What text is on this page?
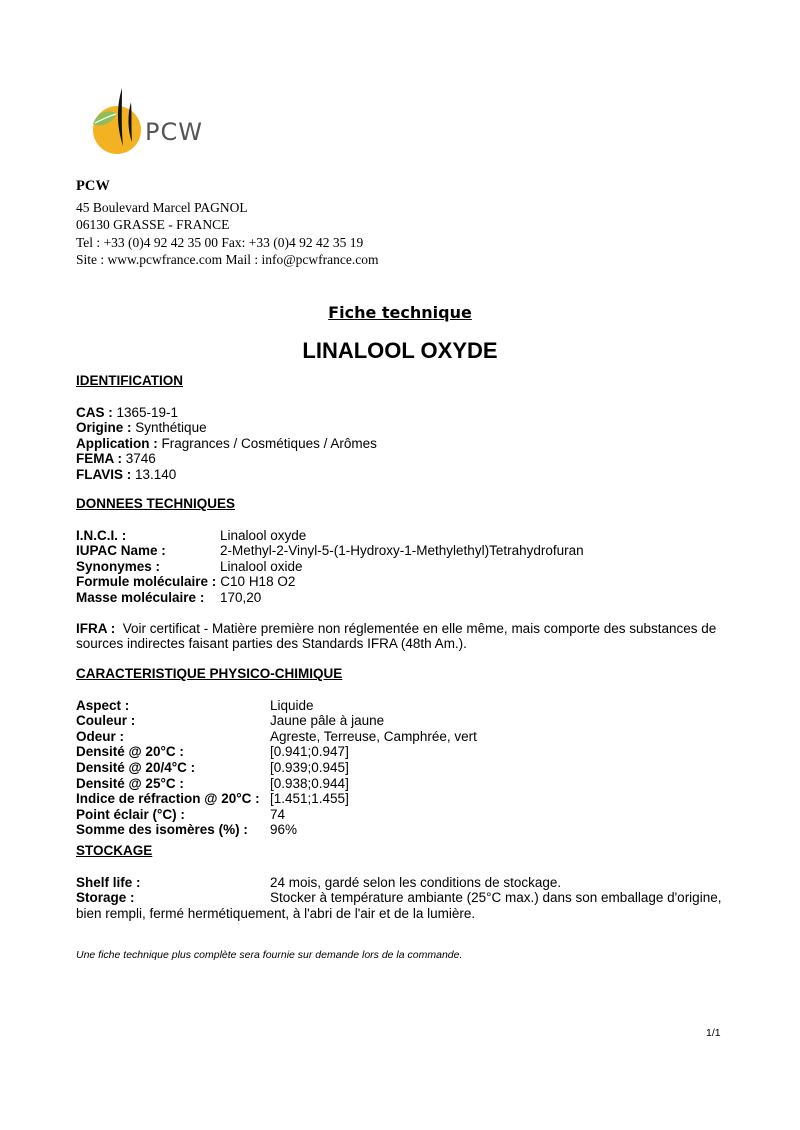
PCW
PCW
45 Boulevard Marcel PAGNOL
06130 GRASSE - FRANCE
Tel : +33 (0)4 92 42 35 00 Fax: +33 (0)4 92 42 35 19
Site : www.pcwfrance.com Mail : info@pcwfrance.com
Fiche technique
LINALOOL OXYDE
IDENTIFICATION
CAS : 1365-19-1
Origine : Synthétique
Application : Fragrances / Cosmétiques / Arômes
FEMA : 3746
FLAVIS : 13.140
DONNEES TECHNIQUES
I.N.C.I. :	Linalool oxyde
IUPAC Name :	2-Methyl-2-Vinyl-5-(1-Hydroxy-1-Methylethyl)Tetrahydrofuran
Synonymes :	Linalool oxide
Formule moléculaire : C10 H18 O2
Masse moléculaire :	170,20
IFRA : Voir certificat - Matière première non réglementée en elle même, mais comporte des substances de sources indirectes faisant parties des Standards IFRA (48th Am.).
CARACTERISTIQUE PHYSICO-CHIMIQUE
Aspect :	Liquide
Couleur :	Jaune pâle à jaune
Odeur :	Agreste, Terreuse, Camphrée, vert
Densité @ 20°C :	[0.941;0.947]
Densité @ 20/4°C :	[0.939;0.945]
Densité @ 25°C :	[0.938;0.944]
Indice de réfraction @ 20°C : [1.451;1.455]
Point éclair (°C) :	74
Somme des isomères (%) :	96%
STOCKAGE
Shelf life :	24 mois, gardé selon les conditions de stockage.
Storage :	Stocker à température ambiante (25°C max.) dans son emballage d'origine,
bien rempli, fermé hermétiquement, à l'abri de l'air et de la lumière.
Une fiche technique plus complète sera fournie sur demande lors de la commande.
1/1
